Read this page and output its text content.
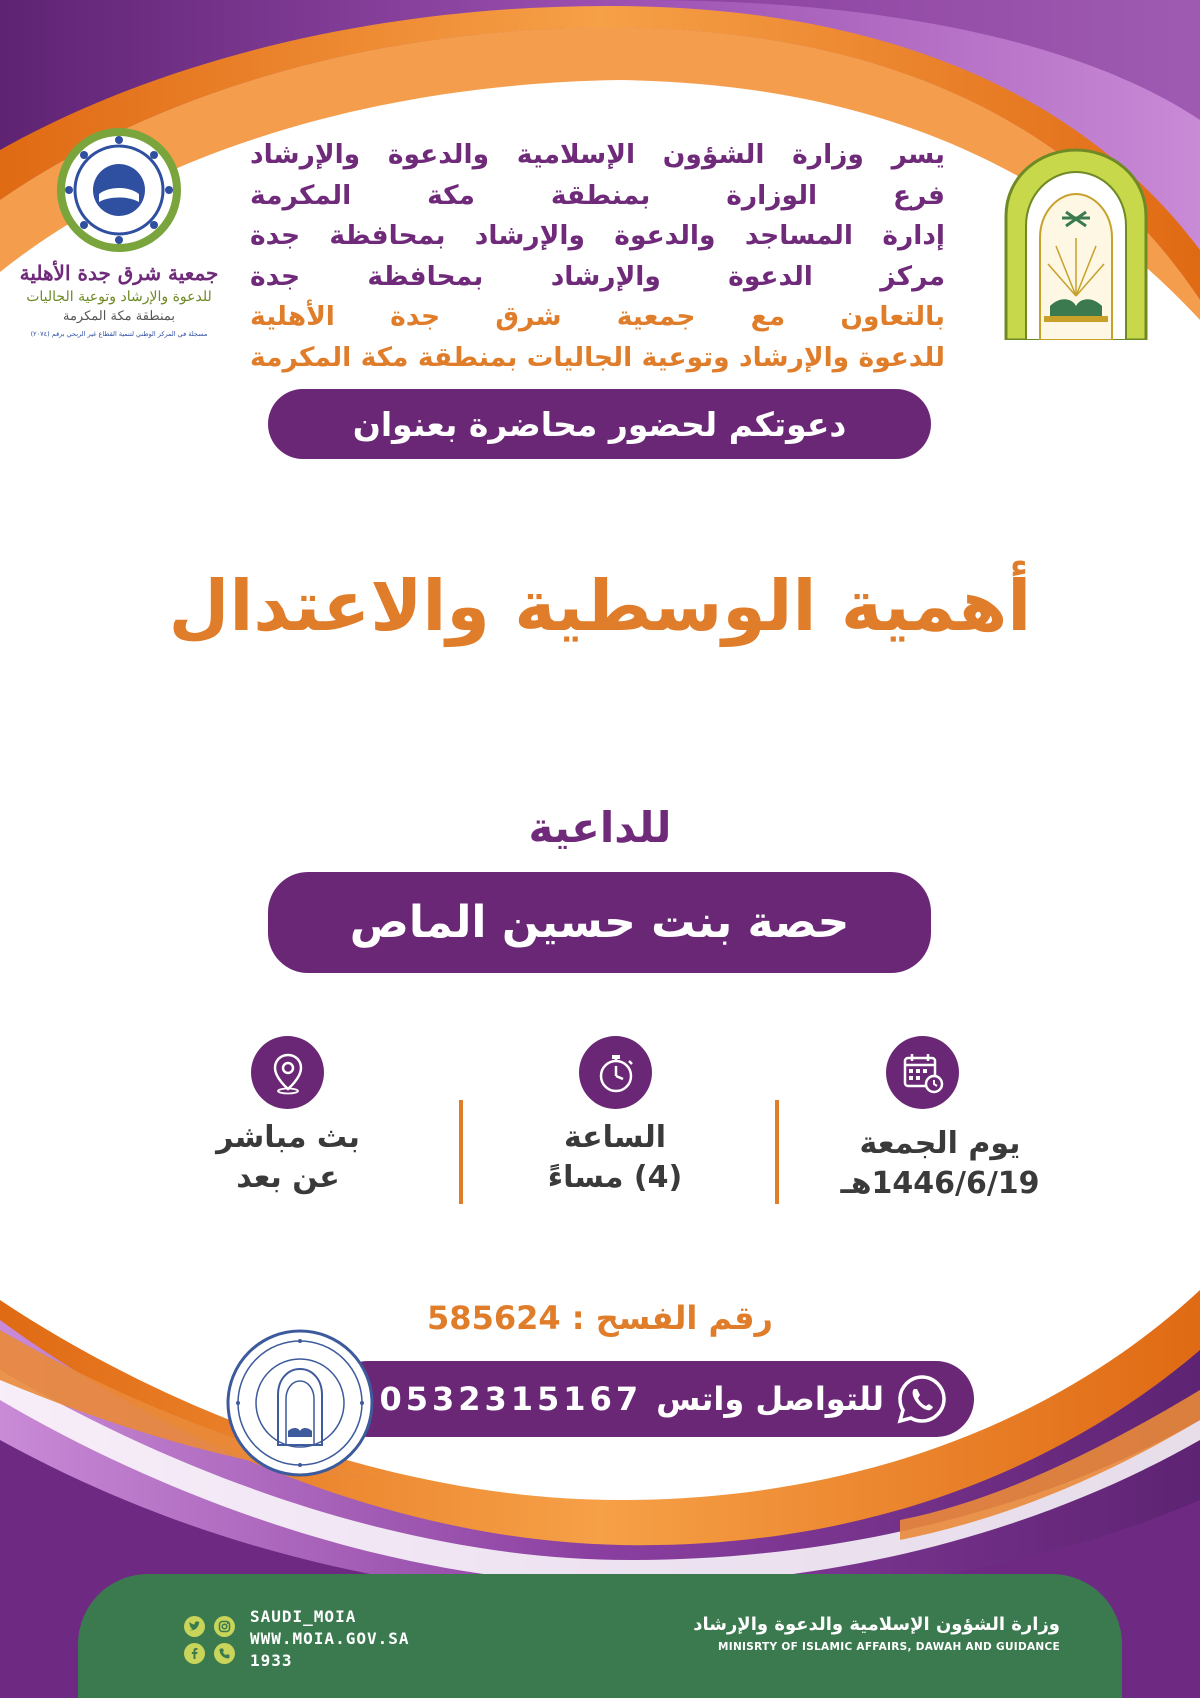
جمعية شرق جدة الأهلية
للدعوة والإرشاد وتوعية الجاليات
بمنطقة مكة المكرمة
مسجلة في المركز الوطني لتنمية القطاع غير الربحي برقم (٢٠٧٤)
يسر وزارة الشؤون الإسلامية والدعوة والإرشاد
فرع الوزارة بمنطقة مكة المكرمة
إدارة المساجد والدعوة والإرشاد بمحافظة جدة
مركز الدعوة والإرشاد بمحافظة جدة
بالتعاون مع جمعية شرق جدة الأهلية
للدعوة والإرشاد وتوعية الجاليات بمنطقة مكة المكرمة
دعوتكم لحضور محاضرة بعنوان
أهمية الوسطية والاعتدال
للداعية
حصة بنت حسين الماص
يوم الجمعة
1446/6/19هـ
الساعة
(4) مساءً
بث مباشر
عن بعد
رقم الفسح : 585624
للتواصل واتس
0532315167
وزارة الشؤون الإسلامية والدعوة والإرشاد
MINISRTY OF ISLAMIC AFFAIRS, DAWAH AND GUIDANCE
SAUDI_MOIA
WWW.MOIA.GOV.SA
1933
